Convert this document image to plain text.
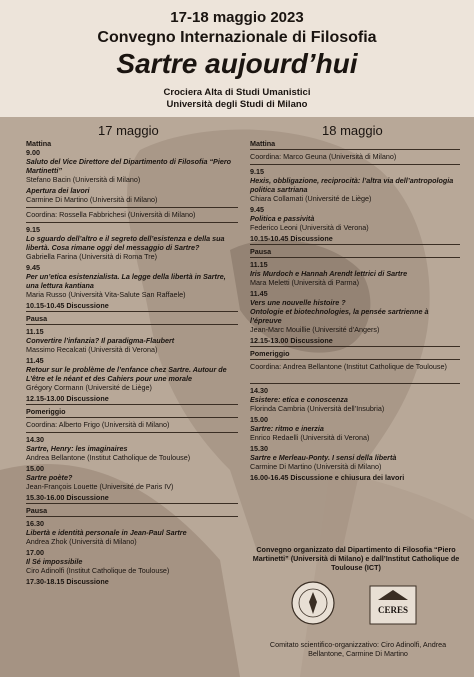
17-18 maggio 2023
Convegno Internazionale di Filosofia
Sartre aujourd’hui
Crociera Alta di Studi Umanistici
Università degli Studi di Milano
17 maggio
Mattina
9.00
Saluto del Vice Direttore del Dipartimento di Filosofia “Piero Martinetti”
Stefano Bacin (Università di Milano)
Apertura dei lavori
Carmine Di Martino (Università di Milano)
Coordina: Rossella Fabbrichesi (Università di Milano)
9.15
Lo sguardo dell’altro e il segreto dell’esistenza e della sua libertà. Cosa rimane oggi del messaggio di Sartre?
Gabriella Farina (Università di Roma Tre)
9.45
Per un’etica esistenzialista. La legge della libertà in Sartre, una lettura kantiana
Maria Russo (Università Vita-Salute San Raffaele)
10.15-10.45 Discussione
Pausa
11.15
Convertire l’infanzia? Il paradigma-Flaubert
Massimo Recalcati (Università di Verona)
11.45
Retour sur le problème de l’enfance chez Sartre. Autour de L’être et le néant et des Cahiers pour une morale
Grégory Cormann (Université de Liège)
12.15-13.00 Discussione
Pomeriggio
Coordina: Alberto Frigo (Università di Milano)
14.30
Sartre, Henry: les imaginaires
Andrea Bellantone (Institut Catholique de Toulouse)
15.00
Sartre poète?
Jean-François Louette (Université de Paris IV)
15.30-16.00 Discussione
Pausa
16.30
Libertà e identità personale in Jean-Paul Sartre
Andrea Zhok (Università di Milano)
17.00
Il Sé impossibile
Ciro Adinolfi (Institut Catholique de Toulouse)
17.30-18.15 Discussione
18 maggio
Mattina
Coordina: Marco Geuna (Università di Milano)
9.15
Hexis, obbligazione, reciprocità: l’altra via dell’antropologia politica sartriana
Chiara Collamati (Université de Liège)
9.45
Politica e passività
Federico Leoni (Università di Verona)
10.15-10.45 Discussione
Pausa
11.15
Iris Murdoch e Hannah Arendt lettrici di Sartre
Mara Meletti (Università di Parma)
11.45
Vers une nouvelle histoire ?
Ontologie et biotechnologies, la pensée sartrienne à l’épreuve
Jean-Marc Mouillie (Université d’Angers)
12.15-13.00 Discussione
Pomeriggio
Coordina: Andrea Bellantone (Institut Catholique de Toulouse)
14.30
Esistere: etica e conoscenza
Florinda Cambria (Università dell’Insubria)
15.00
Sartre: ritmo e inerzia
Enrico Redaelli (Università di Verona)
15.30
Sartre e Merleau-Ponty. I sensi della libertà
Carmine Di Martino (Università di Milano)
16.00-16.45 Discussione e chiusura dei lavori
Convegno organizzato dal Dipartimento di Filosofia “Piero Martinetti” (Università di Milano) e dall’Institut Catholique de Toulouse (ICT)
CERES
Comitato scientifico-organizzativo: Ciro Adinolfi, Andrea Bellantone, Carmine Di Martino
